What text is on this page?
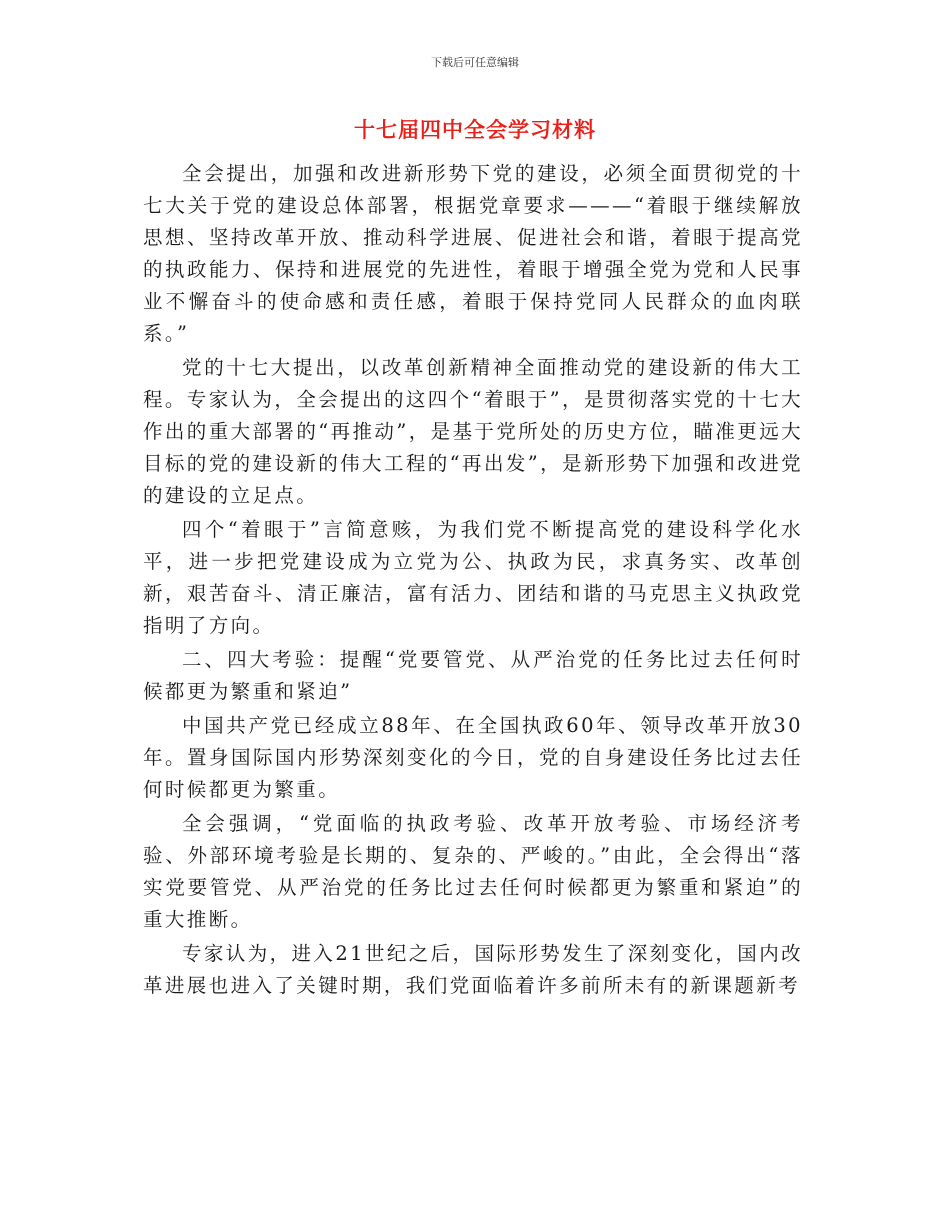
下载后可任意编辑
十七届四中全会学习材料

全会提出，加强和改进新形势下党的建设，必须全面贯彻党的十七大关于党的建设总体部署，根据党章要求———“着眼于继续解放思想、坚持改革开放、推动科学进展、促进社会和谐，着眼于提高党的执政能力、保持和进展党的先进性，着眼于增强全党为党和人民事业不懈奋斗的使命感和责任感，着眼于保持党同人民群众的血肉联系。”

党的十七大提出，以改革创新精神全面推动党的建设新的伟大工程。专家认为，全会提出的这四个“着眼于”，是贯彻落实党的十七大作出的重大部署的“再推动”，是基于党所处的历史方位，瞄准更远大目标的党的建设新的伟大工程的“再出发”，是新形势下加强和改进党的建设的立足点。

四个“着眼于”言简意赅，为我们党不断提高党的建设科学化水平，进一步把党建设成为立党为公、执政为民，求真务实、改革创新，艰苦奋斗、清正廉洁，富有活力、团结和谐的马克思主义执政党指明了方向。

二、四大考验：提醒“党要管党、从严治党的任务比过去任何时候都更为繁重和紧迫”

中国共产党已经成立88年、在全国执政60年、领导改革开放30年。置身国际国内形势深刻变化的今日，党的自身建设任务比过去任何时候都更为繁重。

全会强调，“党面临的执政考验、改革开放考验、市场经济考验、外部环境考验是长期的、复杂的、严峻的。”由此，全会得出“落实党要管党、从严治党的任务比过去任何时候都更为繁重和紧迫”的重大推断。

专家认为，进入21世纪之后，国际形势发生了深刻变化，国内改革进展也进入了关键时期，我们党面临着许多前所未有的新课题新考
